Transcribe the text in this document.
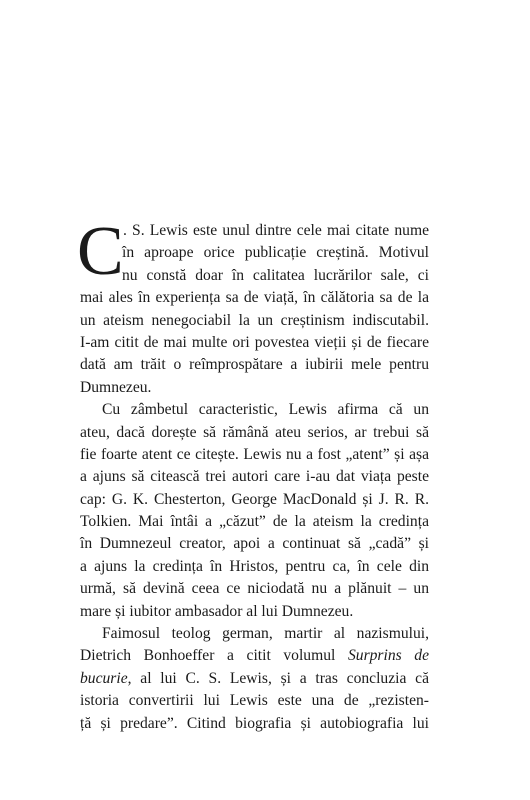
C . S. Lewis este unul dintre cele mai citate nume
în aproape orice publicație creștină. Motivul
nu constă doar în calitatea lucrărilor sale, ci
mai ales în experiența sa de viață, în călătoria sa de la
un ateism nenegociabil la un creștinism indiscutabil.
I-am citit de mai multe ori povestea vieții și de fiecare
dată am trăit o reîmprospătare a iubirii mele pentru
Dumnezeu.
Cu zâmbetul caracteristic, Lewis afirma că un
ateu, dacă dorește să rămână ateu serios, ar trebui să
fie foarte atent ce citește. Lewis nu a fost „atent” și așa
a ajuns să citească trei autori care i-au dat viața peste
cap: G. K. Chesterton, George MacDonald și J. R. R.
Tolkien. Mai întâi a „căzut” de la ateism la credința
în Dumnezeul creator, apoi a continuat să „cadă” și
a ajuns la credința în Hristos, pentru ca, în cele din
urmă, să devină ceea ce niciodată nu a plănuit – un
mare și iubitor ambasador al lui Dumnezeu.
Faimosul teolog german, martir al nazismului,
Dietrich Bonhoeffer a citit volumul Surprins de
bucurie, al lui C. S. Lewis, și a tras concluzia că
istoria convertirii lui Lewis este una de „rezisten-
ță și predare”. Citind biografia și autobiografia lui
